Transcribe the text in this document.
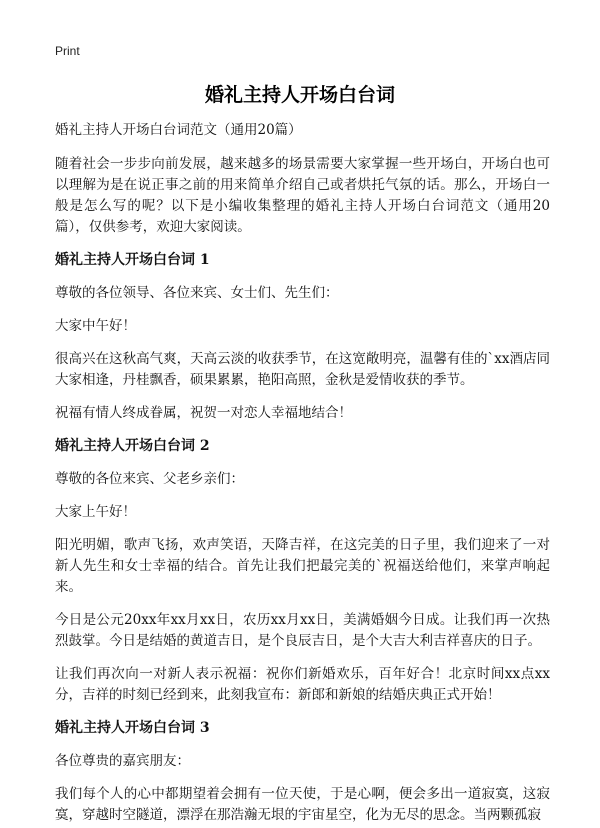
Print
婚礼主持人开场白台词

婚礼主持人开场白台词范文（通用20篇）

随着社会一步步向前发展，越来越多的场景需要大家掌握一些开场白，开场白也可以理解为是在说正事之前的用来简单介绍自己或者烘托气氛的话。那么，开场白一般是怎么写的呢？以下是小编收集整理的婚礼主持人开场白台词范文（通用20篇），仅供参考，欢迎大家阅读。

婚礼主持人开场白台词 1

尊敬的各位领导、各位来宾、女士们、先生们：

大家中午好！

很高兴在这秋高气爽，天高云淡的收获季节，在这宽敞明亮，温馨有佳的`xx酒店同大家相逢，丹桂飘香，硕果累累，艳阳高照，金秋是爱情收获的季节。

祝福有情人终成眷属，祝贺一对恋人幸福地结合！

婚礼主持人开场白台词 2

尊敬的各位来宾、父老乡亲们：

大家上午好！

阳光明媚，歌声飞扬，欢声笑语，天降吉祥，在这完美的日子里，我们迎来了一对新人先生和女士幸福的结合。首先让我们把最完美的`祝福送给他们，来掌声响起来。

今日是公元20xx年xx月xx日，农历xx月xx日，美满婚姻今日成。让我们再一次热烈鼓掌。今日是结婚的黄道吉日，是个良辰吉日，是个大吉大利吉祥喜庆的日子。

让我们再次向一对新人表示祝福：祝你们新婚欢乐，百年好合！北京时间xx点xx分，吉祥的时刻已经到来，此刻我宣布：新郎和新娘的结婚庆典正式开始！

婚礼主持人开场白台词 3

各位尊贵的嘉宾朋友：

我们每个人的心中都期望着会拥有一位天使，于是心啊，便会多出一道寂寞，这寂寞，穿越时空隧道，漂浮在那浩瀚无垠的宇宙星空，化为无尽的思念。当两颗孤寂
